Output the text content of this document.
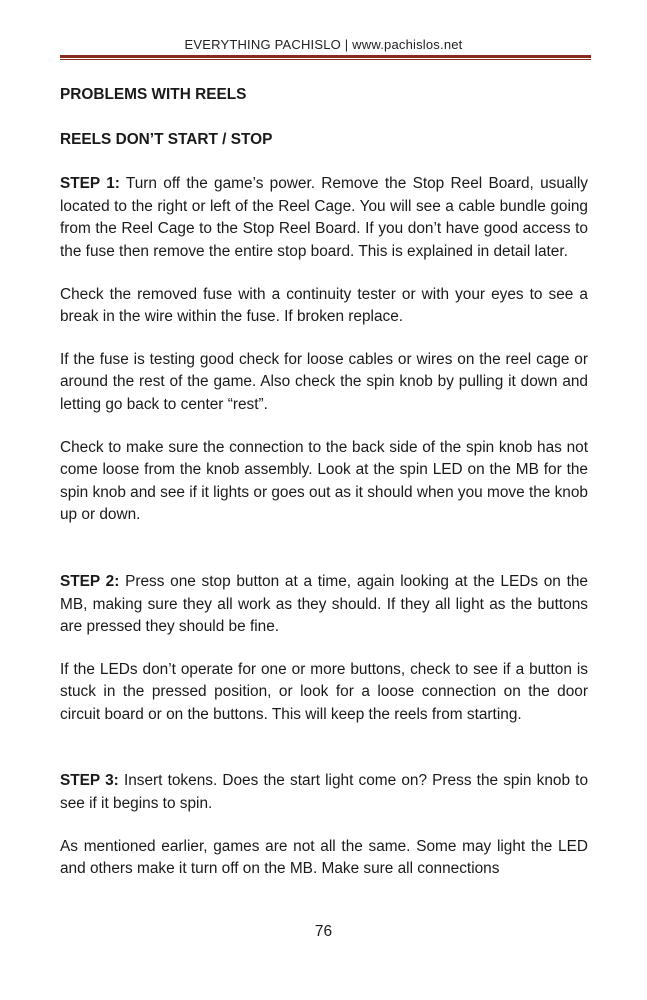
EVERYTHING PACHISLO | www.pachislos.net

PROBLEMS WITH REELS

REELS DON’T START / STOP

STEP 1: Turn off the game’s power. Remove the Stop Reel Board, usually located to the right or left of the Reel Cage. You will see a cable bundle going from the Reel Cage to the Stop Reel Board. If you don’t have good access to the fuse then remove the entire stop board. This is explained in detail later.

Check the removed fuse with a continuity tester or with your eyes to see a break in the wire within the fuse. If broken replace.

If the fuse is testing good check for loose cables or wires on the reel cage or around the rest of the game. Also check the spin knob by pulling it down and letting go back to center “rest”.

Check to make sure the connection to the back side of the spin knob has not come loose from the knob assembly. Look at the spin LED on the MB for the spin knob and see if it lights or goes out as it should when you move the knob up or down.

STEP 2: Press one stop button at a time, again looking at the LEDs on the MB, making sure they all work as they should. If they all light as the buttons are pressed they should be fine.

If the LEDs don’t operate for one or more buttons, check to see if a button is stuck in the pressed position, or look for a loose connection on the door circuit board or on the buttons. This will keep the reels from starting.

STEP 3: Insert tokens. Does the start light come on? Press the spin knob to see if it begins to spin.

As mentioned earlier, games are not all the same. Some may light the LED and others make it turn off on the MB. Make sure all connections

76
